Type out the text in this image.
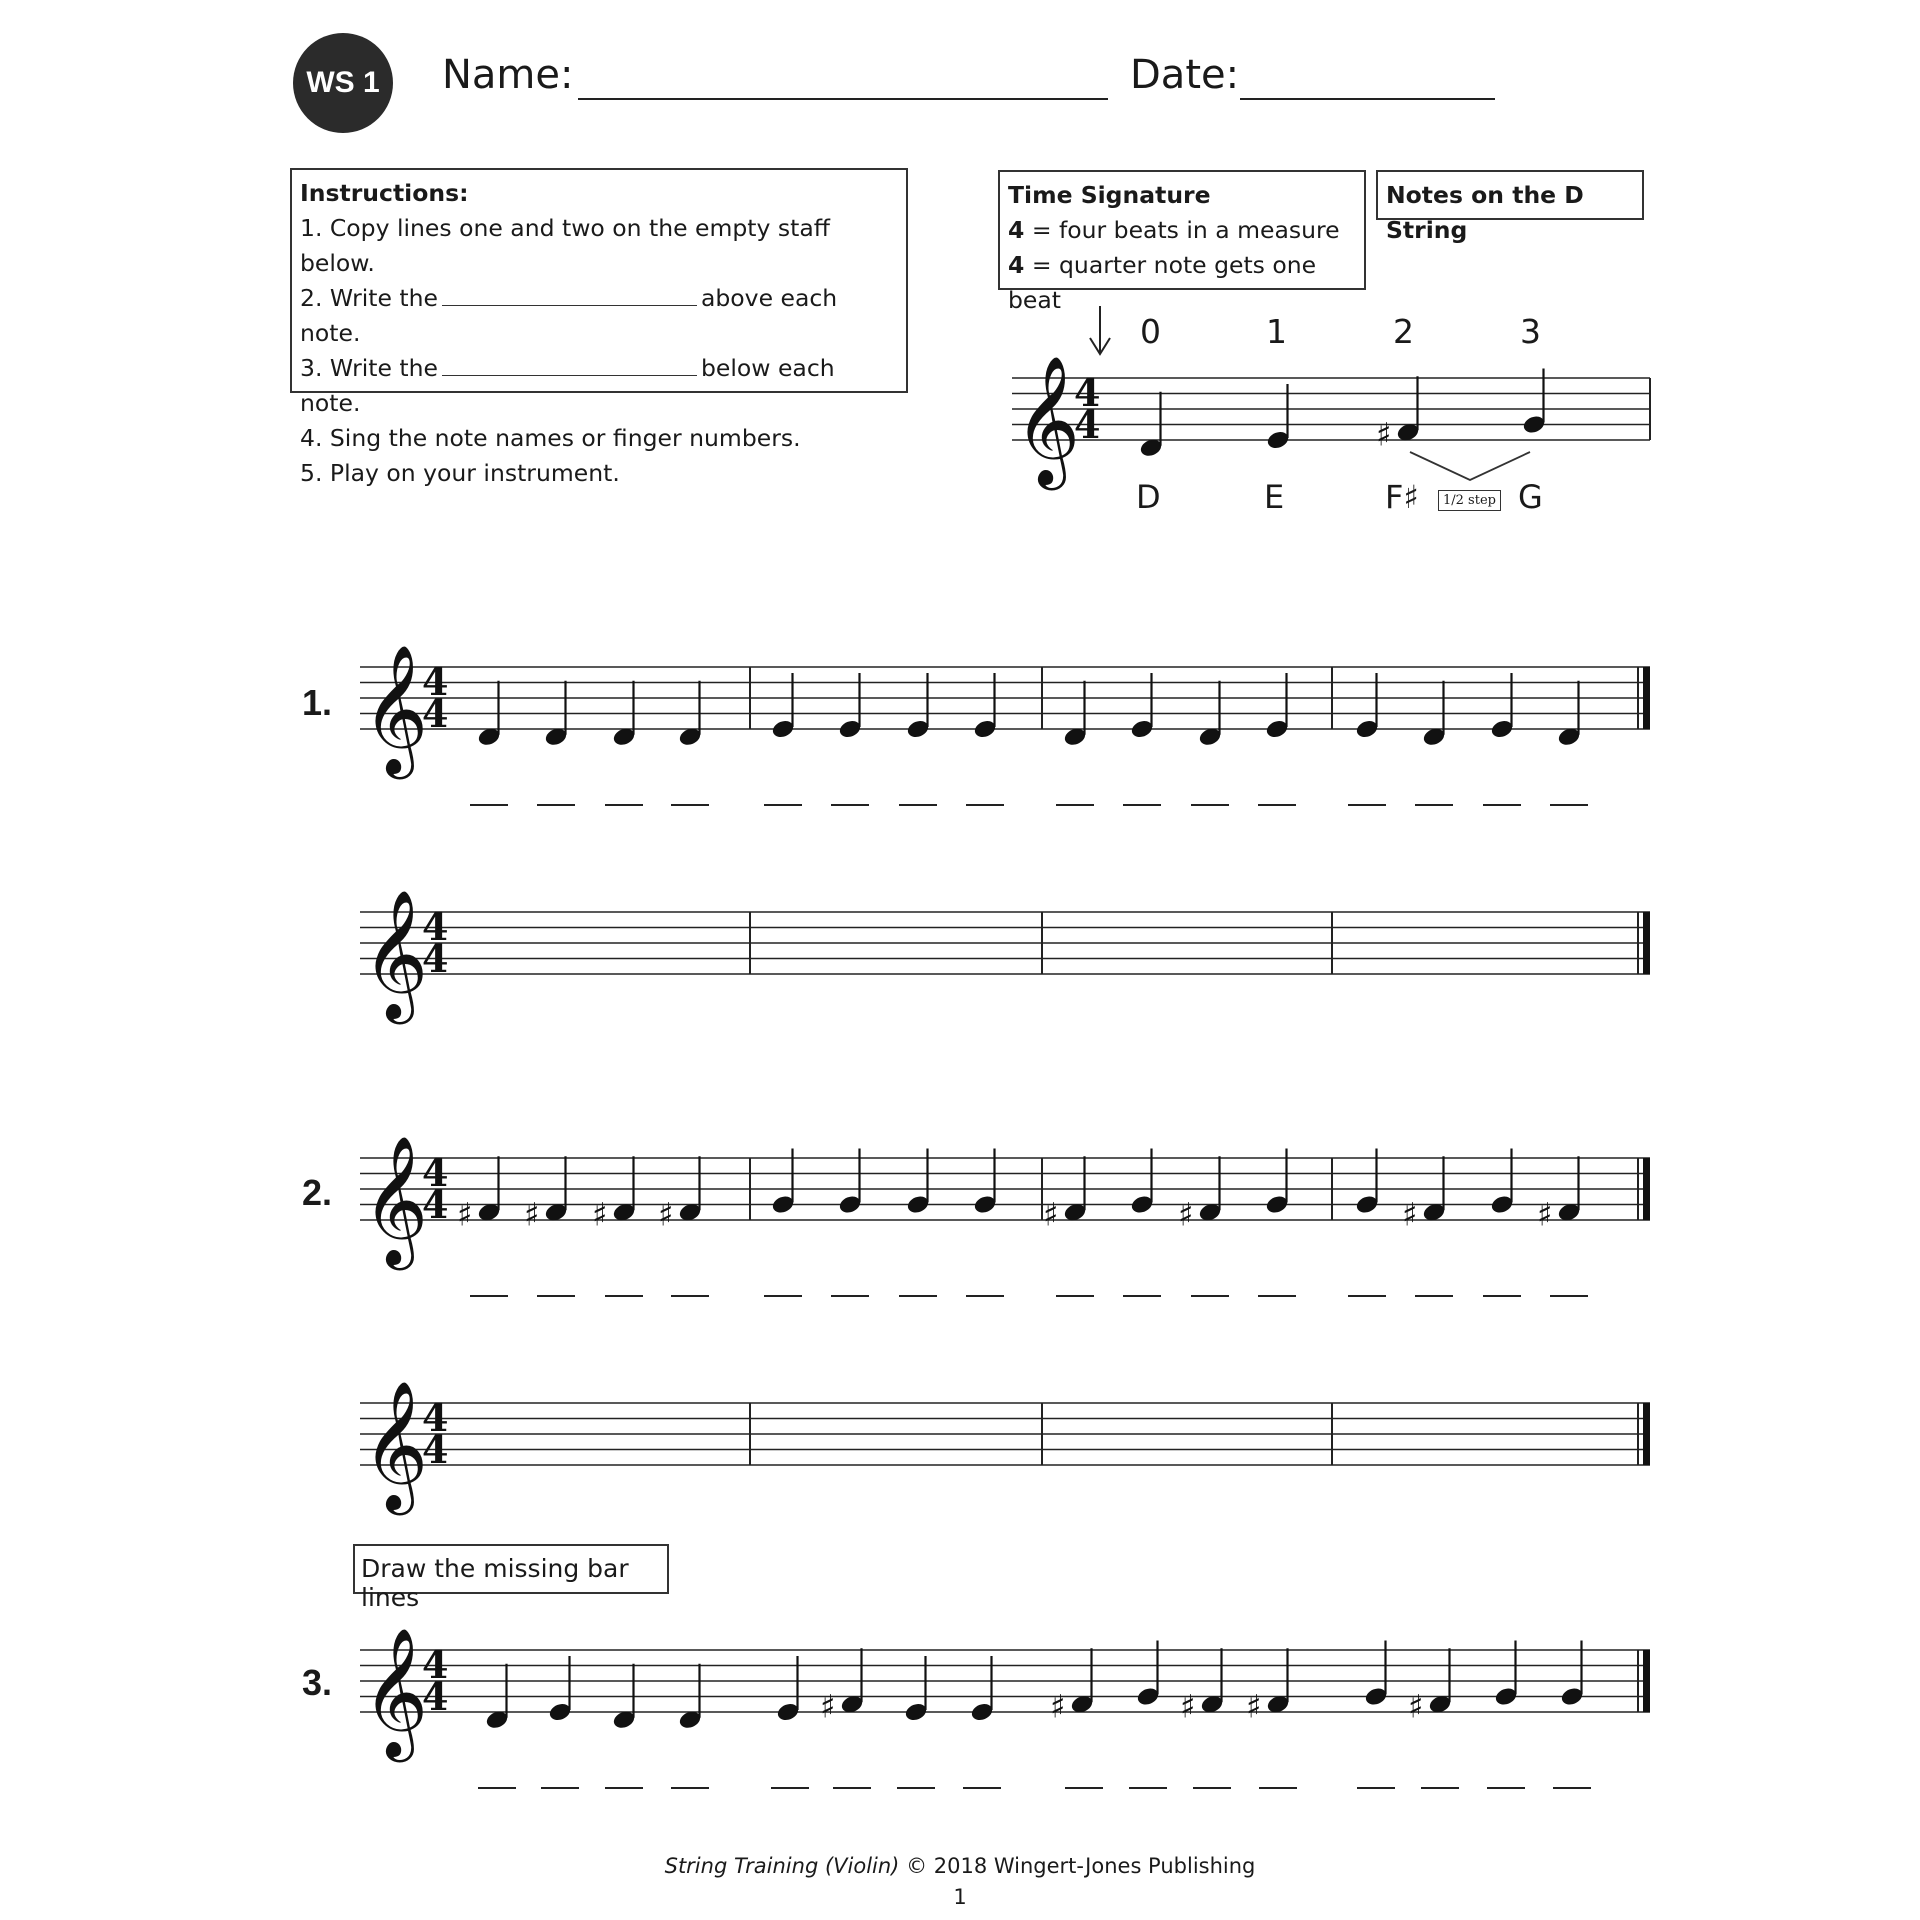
WS 1 Name:	Date:
Instructions:
1. Copy lines one and two on the empty staff below.
2. Write the	above each note.
3. Write the	below each note.
4. Sing the note names or finger numbers.
5. Play on your instrument.
Time Signature
4 = four beats in a measure
4 = quarter note gets one beat
Notes on the D String
0	1	2	3
D	E	F♯	G
1/2 step
1.
2.
3.
Draw the missing bar lines
𝄞
4
4	♯
𝄞
4
4
𝄞
4
4
𝄞
4
4 ♯ ♯ ♯ ♯	♯	♯	♯	♯
𝄞
4
4
𝄞
4
4	♯	♯	♯ ♯	♯
String Training (Violin) © 2018 Wingert-Jones Publishing
1
